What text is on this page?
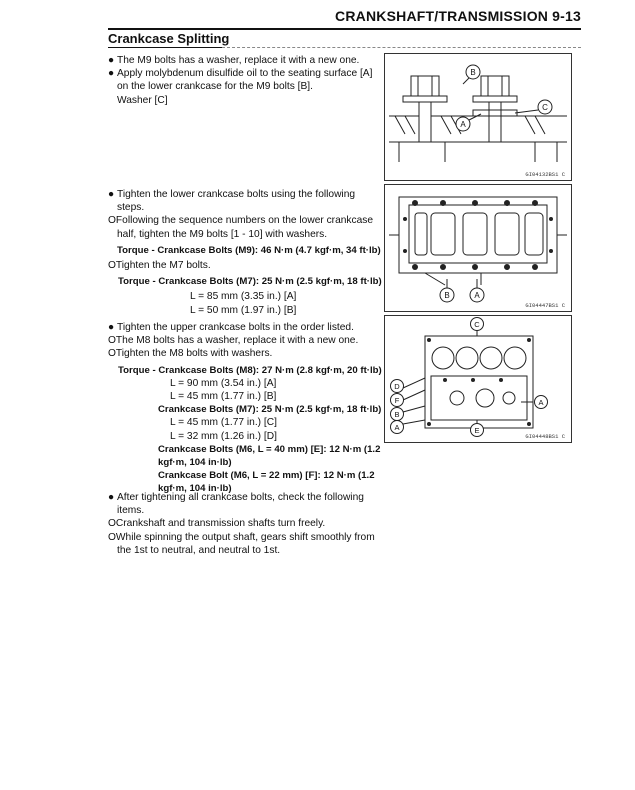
CRANKSHAFT/TRANSMISSION 9-13
Crankcase Splitting
● The M9 bolts has a washer, replace it with a new one.
● Apply molybdenum disulfide oil to the seating surface [A]
on the lower crankcase for the M9 bolts [B].
Washer [C]
B
C
A
GI04132BS1 C
● Tighten the lower crankcase bolts using the following
steps.
OFollowing the sequence numbers on the lower crankcase
half, tighten the M9 bolts [1 - 10] with washers.
Torque - Crankcase Bolts (M9): 46 N·m (4.7 kgf·m, 34 ft·lb)
OTighten the M7 bolts.
Torque - Crankcase Bolts (M7): 25 N·m (2.5 kgf·m, 18 ft·lb)
L = 85 mm (3.35 in.) [A]
L = 50 mm (1.97 in.) [B]
B	A
GI04447BS1 C
● Tighten the upper crankcase bolts in the order listed.
OThe M8 bolts has a washer, replace it with a new one.
OTighten the M8 bolts with washers.
Torque - Crankcase Bolts (M8): 27 N·m (2.8 kgf·m, 20 ft·lb)
L = 90 mm (3.54 in.) [A]
L = 45 mm (1.77 in.) [B]
Crankcase Bolts (M7): 25 N·m (2.5 kgf·m, 18 ft·lb)
L = 45 mm (1.77 in.) [C]
L = 32 mm (1.26 in.) [D]
Crankcase Bolts (M6, L = 40 mm) [E]: 12 N·m (1.2
kgf·m, 104 in·lb)
Crankcase Bolt (M6, L = 22 mm) [F]: 12 N·m (1.2
kgf·m, 104 in·lb)
C
D
F
B
A
A
E
GI04448BS1 C
● After tightening all crankcase bolts, check the following
items.
OCrankshaft and transmission shafts turn freely.
OWhile spinning the output shaft, gears shift smoothly from
the 1st to neutral, and neutral to 1st.
